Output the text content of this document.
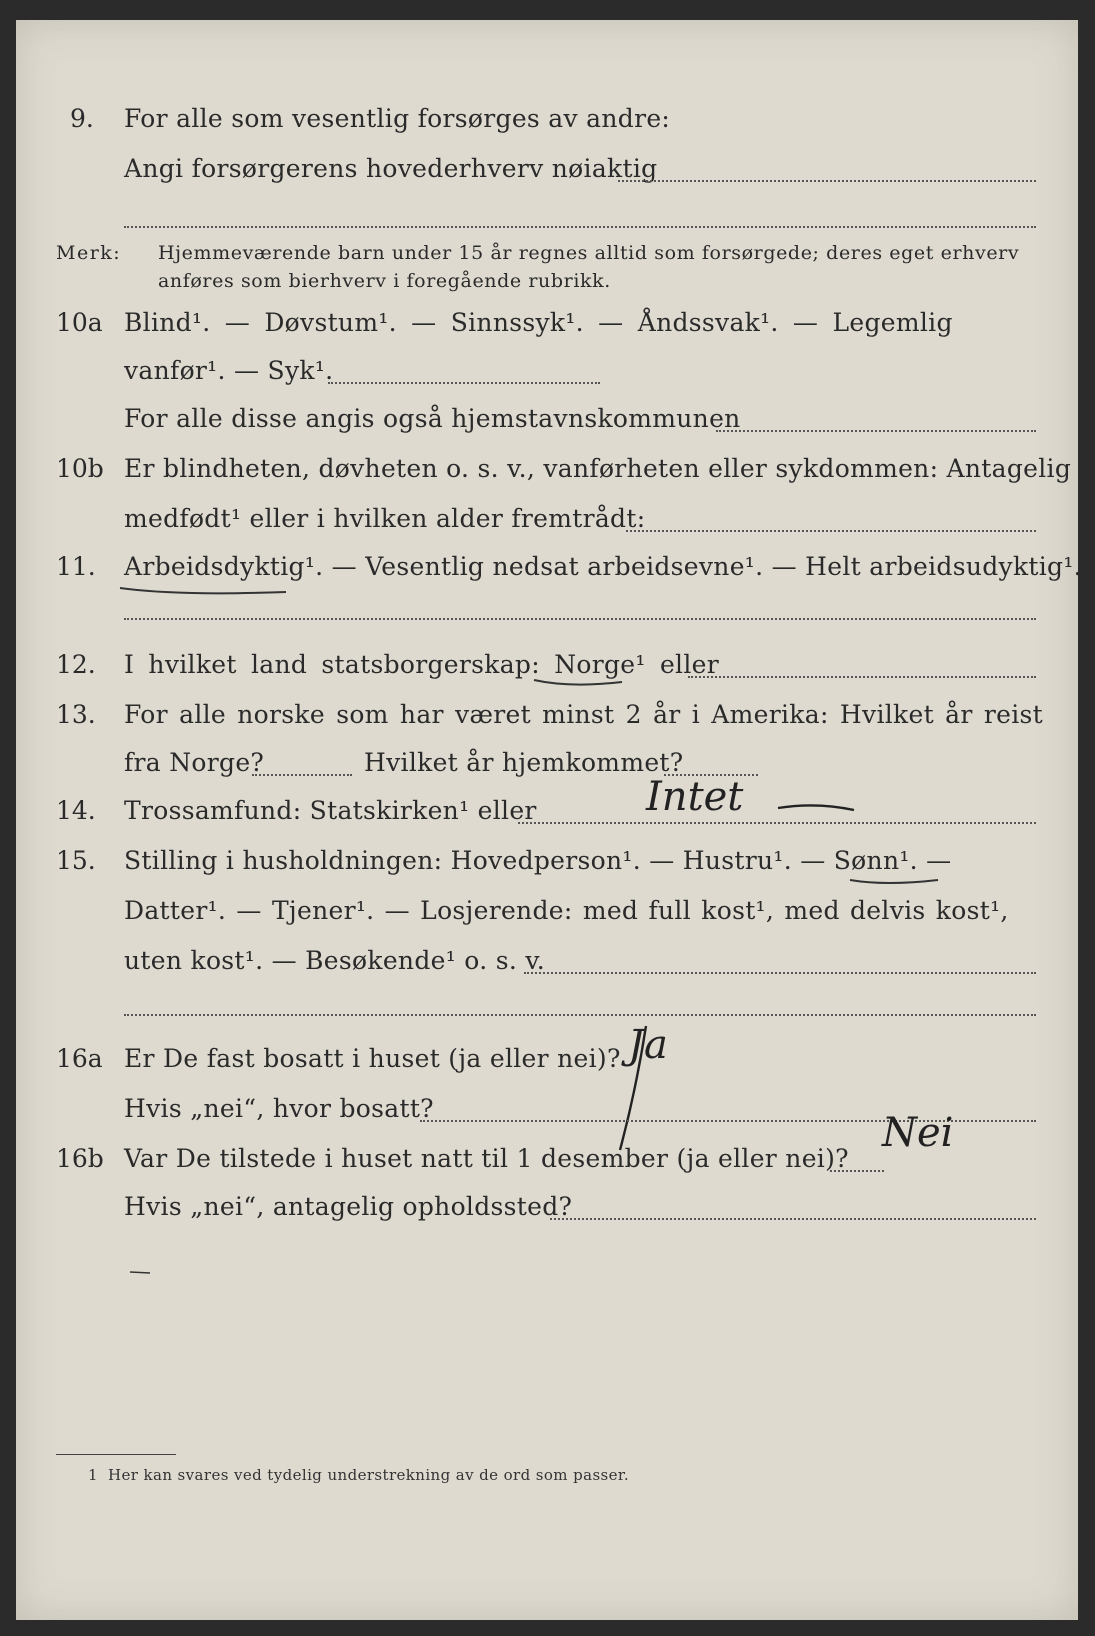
9. For alle som vesentlig forsørges av andre:
Angi forsørgerens hovederhverv nøiaktig
Merk: Hjemmeværende barn under 15 år regnes alltid som forsørgede; deres eget erhverv
anføres som bierhverv i foregående rubrikk.
10a Blind¹. — Døvstum¹. — Sinnssyk¹. — Åndssvak¹. — Legemlig
vanfør¹. — Syk¹.
For alle disse angis også hjemstavnskommunen
10b Er blindheten, døvheten o. s. v., vanførheten eller sykdommen: Antagelig
medfødt¹ eller i hvilken alder fremtrådt:
11. Arbeidsdyktig¹. — Vesentlig nedsat arbeidsevne¹. — Helt arbeidsudyktig¹.
12. I hvilket land statsborgerskap: Norge¹ eller
13. For alle norske som har været minst 2 år i Amerika: Hvilket år reist
fra Norge?	Hvilket år hjemkommet?
14. Trossamfund: Statskirken¹ eller	Intet
15. Stilling i husholdningen: Hovedperson¹. — Hustru¹. — Sønn¹. —
Datter¹. — Tjener¹. — Losjerende: med full kost¹, med delvis kost¹,
uten kost¹. — Besøkende¹ o. s. v.
16a Er De fast bosatt i huset (ja eller nei)? Ja
Hvis „nei“, hvor bosatt?
16b Var De tilstede i huset natt til 1 desember (ja eller nei)?
Nei
Hvis „nei“, antagelig opholdssted?
1 Her kan svares ved tydelig understrekning av de ord som passer.
